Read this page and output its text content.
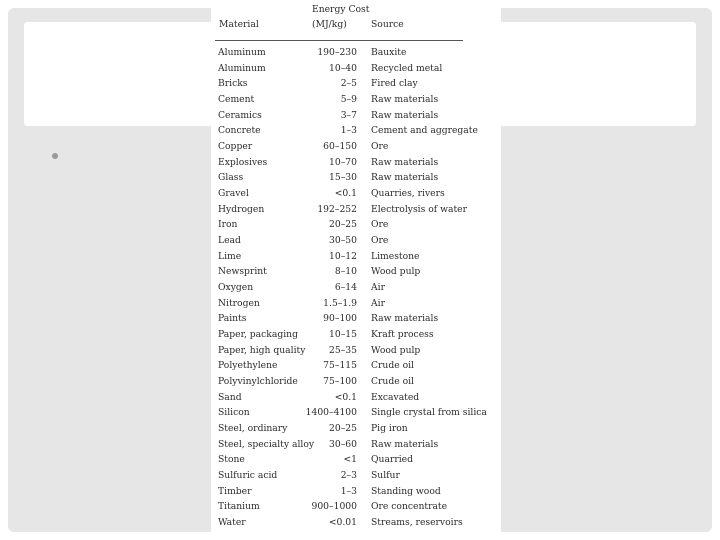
Energy Cost
Material	(MJ/kg)	Source
Aluminum	190–230 Bauxite
Aluminum	10–40 Recycled metal
Bricks	2–5 Fired clay
Cement	5–9 Raw materials
Ceramics	3–7 Raw materials
Concrete	1–3 Cement and aggregate
Copper	60–150 Ore
Explosives	10–70 Raw materials
Glass	15–30 Raw materials
Gravel	<0.1 Quarries, rivers
Hydrogen	192–252 Electrolysis of water
Iron	20–25 Ore
Lead	30–50 Ore
Lime	10–12 Limestone
Newsprint	8–10 Wood pulp
Oxygen	6–14 Air
Nitrogen	1.5–1.9 Air
Paints	90–100 Raw materials
Paper, packaging	10–15 Kraft process
Paper, high quality	25–35 Wood pulp
Polyethylene	75–115 Crude oil
Polyvinylchloride	75–100 Crude oil
Sand	<0.1 Excavated
Silicon	1400–4100 Single crystal from silica
Steel, ordinary	20–25 Pig iron
Steel, specialty alloy	30–60 Raw materials
Stone	<1 Quarried
Sulfuric acid	2–3 Sulfur
Timber	1–3 Standing wood
Titanium	900–1000 Ore concentrate
Water	<0.01 Streams, reservoirs
